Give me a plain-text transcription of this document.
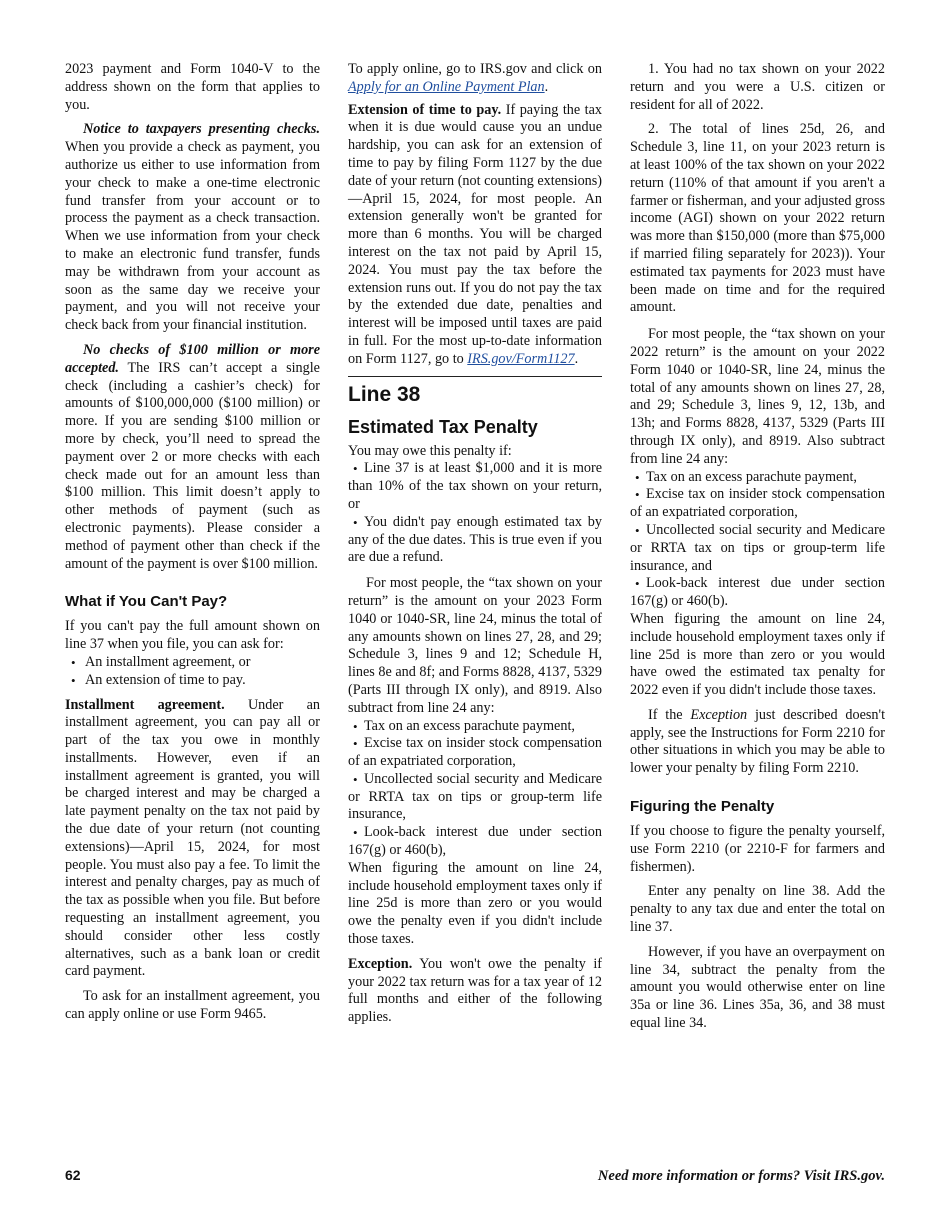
2023 payment and Form 1040-V to the address shown on the form that applies to you.

Notice to taxpayers presenting checks. When you provide a check as payment, you authorize us either to use information from your check to make a one-time electronic fund transfer from your account or to process the payment as a check transaction. When we use information from your check to make an electronic fund transfer, funds may be withdrawn from your account as soon as the same day we receive your payment, and you will not receive your check back from your financial institution.

No checks of $100 million or more accepted. The IRS can’t accept a single check (including a cashier’s check) for amounts of $100,000,000 ($100 million) or more. If you are sending $100 million or more by check, you’ll need to spread the payment over 2 or more checks with each check made out for an amount less than $100 million. This limit doesn’t apply to other methods of payment (such as electronic payments). Please consider a method of payment other than check if the amount of the payment is over $100 million.

What if You Can't Pay?

If you can't pay the full amount shown on line 37 when you file, you can ask for:

• An installment agreement, or
• An extension of time to pay.

Installment agreement. Under an installment agreement, you can pay all or part of the tax you owe in monthly installments. However, even if an installment agreement is granted, you will be charged interest and may be charged a late payment penalty on the tax not paid by the due date of your return (not counting extensions)—April 15, 2024, for most people. You must also pay a fee. To limit the interest and penalty charges, pay as much of the tax as possible when you file. But before requesting an installment agreement, you should consider other less costly alternatives, such as a bank loan or credit card payment.

To ask for an installment agreement, you can apply online or use Form 9465.

To apply online, go to IRS.gov and click on Apply for an Online Payment Plan.

Extension of time to pay. If paying the tax when it is due would cause you an undue hardship, you can ask for an extension of time to pay by filing Form 1127 by the due date of your return (not counting extensions)—April 15, 2024, for most people. An extension generally won't be granted for more than 6 months. You will be charged interest on the tax not paid by April 15, 2024. You must pay the tax before the extension runs out. If you do not pay the tax by the extended due date, penalties and interest will be imposed until taxes are paid in full. For the most up-to-date information on Form 1127, go to IRS.gov/Form1127.

Line 38
Estimated Tax Penalty

You may owe this penalty if:

• Line 37 is at least $1,000 and it is more than 10% of the tax shown on your return, or
• You didn't pay enough estimated tax by any of the due dates. This is true even if you are due a refund.

For most people, the “tax shown on your return” is the amount on your 2023 Form 1040 or 1040-SR, line 24, minus the total of any amounts shown on lines 27, 28, and 29; Schedule 3, lines 9 and 12; Schedule H, lines 8e and 8f; and Forms 8828, 4137, 5329 (Parts III through IX only), and 8919. Also subtract from line 24 any:

• Tax on an excess parachute payment,
• Excise tax on insider stock compensation of an expatriated corporation,
• Uncollected social security and Medicare or RRTA tax on tips or group-term life insurance,
• Look-back interest due under section 167(g) or 460(b),

When figuring the amount on line 24, include household employment taxes only if line 25d is more than zero or you would owe the penalty even if you didn't include those taxes.

Exception. You won't owe the penalty if your 2022 tax return was for a tax year of 12 full months and either of the following applies.

1. You had no tax shown on your 2022 return and you were a U.S. citizen or resident for all of 2022.

2. The total of lines 25d, 26, and Schedule 3, line 11, on your 2023 return is at least 100% of the tax shown on your 2022 return (110% of that amount if you aren't a farmer or fisherman, and your adjusted gross income (AGI) shown on your 2022 return was more than $150,000 (more than $75,000 if married filing separately for 2023)). Your estimated tax payments for 2023 must have been made on time and for the required amount.

For most people, the “tax shown on your 2022 return” is the amount on your 2022 Form 1040 or 1040-SR, line 24, minus the total of any amounts shown on lines 27, 28, and 29; Schedule 3, lines 9, 12, 13b, and 13h; and Forms 8828, 4137, 5329 (Parts III through IX only), and 8919. Also subtract from line 24 any:

• Tax on an excess parachute payment,
• Excise tax on insider stock compensation of an expatriated corporation,
• Uncollected social security and Medicare or RRTA tax on tips or group-term life insurance, and
• Look-back interest due under section 167(g) or 460(b).

When figuring the amount on line 24, include household employment taxes only if line 25d is more than zero or you would have owed the estimated tax penalty for 2022 even if you didn't include those taxes.

If the Exception just described doesn't apply, see the Instructions for Form 2210 for other situations in which you may be able to lower your penalty by filing Form 2210.

Figuring the Penalty

If you choose to figure the penalty yourself, use Form 2210 (or 2210-F for farmers and fishermen).

Enter any penalty on line 38. Add the penalty to any tax due and enter the total on line 37.

However, if you have an overpayment on line 34, subtract the penalty from the amount you would otherwise enter on line 35a or line 36. Lines 35a, 36, and 38 must equal line 34.

62	Need more information or forms? Visit IRS.gov.
